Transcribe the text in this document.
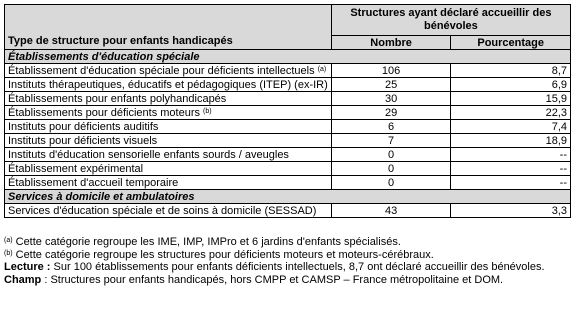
Type de structure pour enfants handicapés	Structures ayant déclaré accueillir des bénévoles	
	Nombre	Pourcentage
Établissements d'éducation spéciale		
Établissement d'éducation spéciale pour déficients intellectuels $^{(a)}$	106	8,7
Instituts thérapeutiques, éducatifs et pédagogiques (ITEP) (ex-IR)	25	6,9
Établissements pour enfants polyhandicapés	30	15,9
Établissements pour déficients moteurs $^{(b)}$	29	22,3
Instituts pour déficients auditifs	6	7,4
Instituts pour déficients visuels	7	18,9
Instituts d'éducation sensorielle enfants sourds / aveugles	0	--
Établissement expérimental	0	--
Établissement d'accueil temporaire	0	--
Services à domicile et ambulatoires		
Services d'éducation spéciale et de soins à domicile (SESSAD)	43	3,3

$^{(a)}$ Cette catégorie regroupe les IME, IMP, IMPro et 6 jardins d'enfants spécialisés.

$^{(b)}$ Cette catégorie regroupe les structures pour déficients moteurs et moteurs-cérébraux.

Lecture : Sur 100 établissements pour enfants déficients intellectuels, 8,7 ont déclaré accueillir des bénévoles.

Champ : Structures pour enfants handicapés, hors CMPP et CAMSP – France métropolitaine et DOM.
